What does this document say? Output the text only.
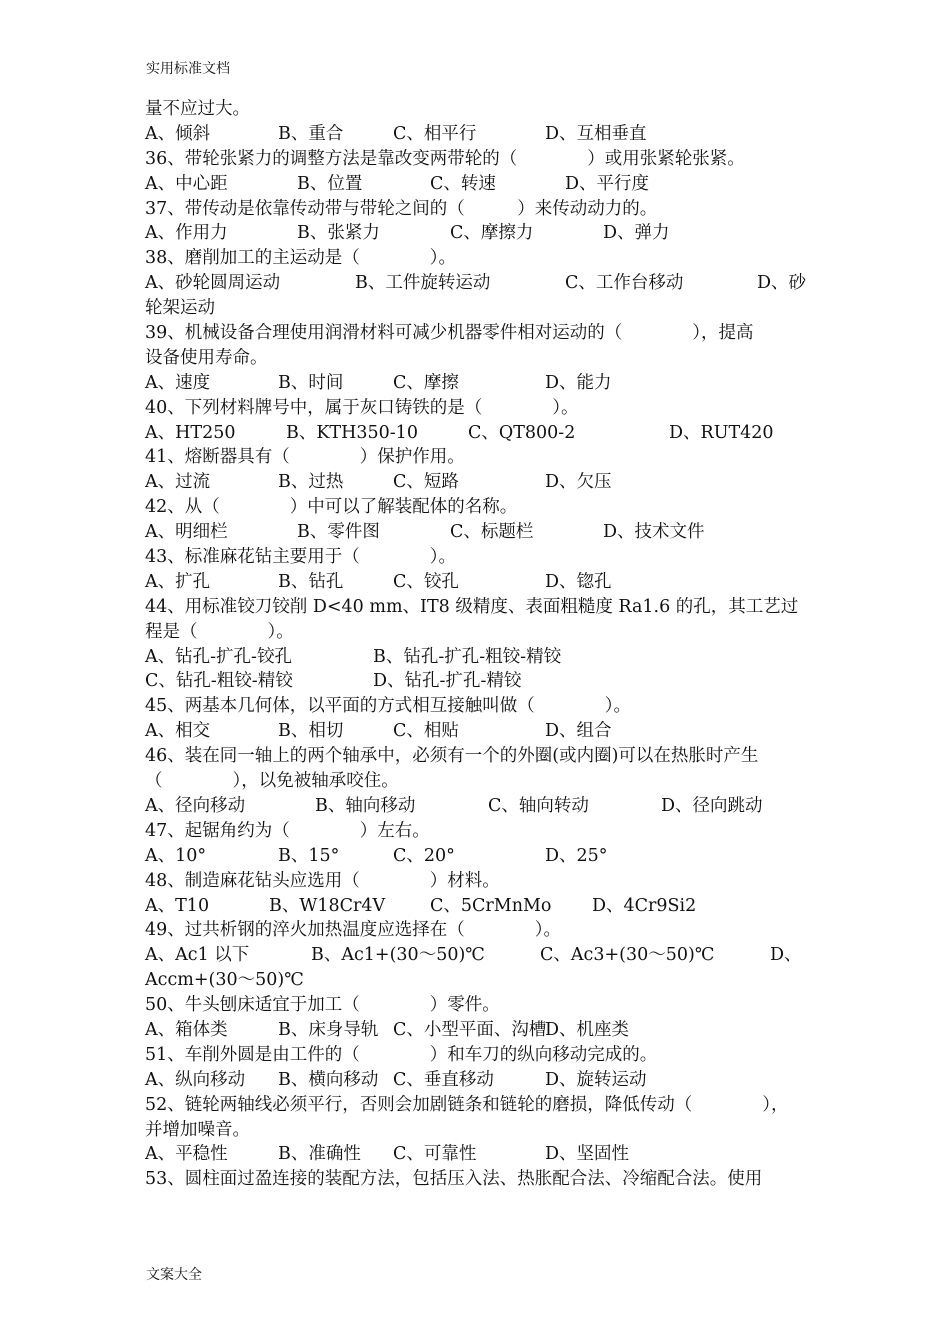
实用标准文档
量不应过大。
A、倾斜	B、重合	C、相平行	D、互相垂直
36、带轮张紧力的调整方法是靠改变两带轮的（　　　　）或用张紧轮张紧。
A、中心距	B、位置	C、转速	D、平行度
37、带传动是依靠传动带与带轮之间的（　　　）来传动动力的。
A、作用力	B、张紧力	C、摩擦力	D、弹力
38、磨削加工的主运动是（　　　　）。
A、砂轮圆周运动	B、工件旋转运动	C、工作台移动	D、砂
轮架运动
39、机械设备合理使用润滑材料可减少机器零件相对运动的（　　　　），提高
设备使用寿命。
A、速度	B、时间	C、摩擦	D、能力
40、下列材料牌号中，属于灰口铸铁的是（　　　　）。
A、HT250	B、KTH350-10	C、QT800-2	D、RUT420
41、熔断器具有（　　　　）保护作用。
A、过流	B、过热	C、短路	D、欠压
42、从（　　　　）中可以了解装配体的名称。
A、明细栏	B、零件图	C、标题栏	D、技术文件
43、标准麻花钻主要用于（　　　　）。
A、扩孔	B、钻孔	C、铰孔	D、锪孔
44、用标准铰刀铰削 D<40 mm、IT8 级精度、表面粗糙度 Ra1.6 的孔，其工艺过
程是（　　　　）。
A、钻孔-扩孔-铰孔	B、钻孔-扩孔-粗铰-精铰
C、钻孔-粗铰-精铰	D、钻孔-扩孔-精铰
45、两基本几何体，以平面的方式相互接触叫做（　　　　）。
A、相交	B、相切	C、相贴	D、组合
46、装在同一轴上的两个轴承中，必须有一个的外圈(或内圈)可以在热胀时产生
（　　　　），以免被轴承咬住。
A、径向移动	B、轴向移动	C、轴向转动	D、径向跳动
47、起锯角约为（　　　　）左右。
A、10°	B、15°	C、20°	D、25°
48、制造麻花钻头应选用（　　　　）材料。
A、T10	B、W18Cr4V	C、5CrMnMo D、4Cr9Si2
49、过共析钢的淬火加热温度应选择在（　　　　）。
A、Ac1 以下	B、Ac1+(30～50)℃	C、Ac3+(30～50)℃	D、
Accm+(30～50)℃
50、牛头刨床适宜于加工（　　　　）零件。
A、箱体类	B、床身导轨 C、小型平面、沟槽
D、机座类
51、车削外圆是由工件的（　　　　）和车刀的纵向移动完成的。
A、纵向移动 B、横向移动 C、垂直移动	D、旋转运动
52、链轮两轴线必须平行，否则会加剧链条和链轮的磨损，降低传动（　　　　），
并增加噪音。
A、平稳性	B、准确性 C、可靠性	D、坚固性
53、圆柱面过盈连接的装配方法，包括压入法、热胀配合法、冷缩配合法。使用
文案大全
